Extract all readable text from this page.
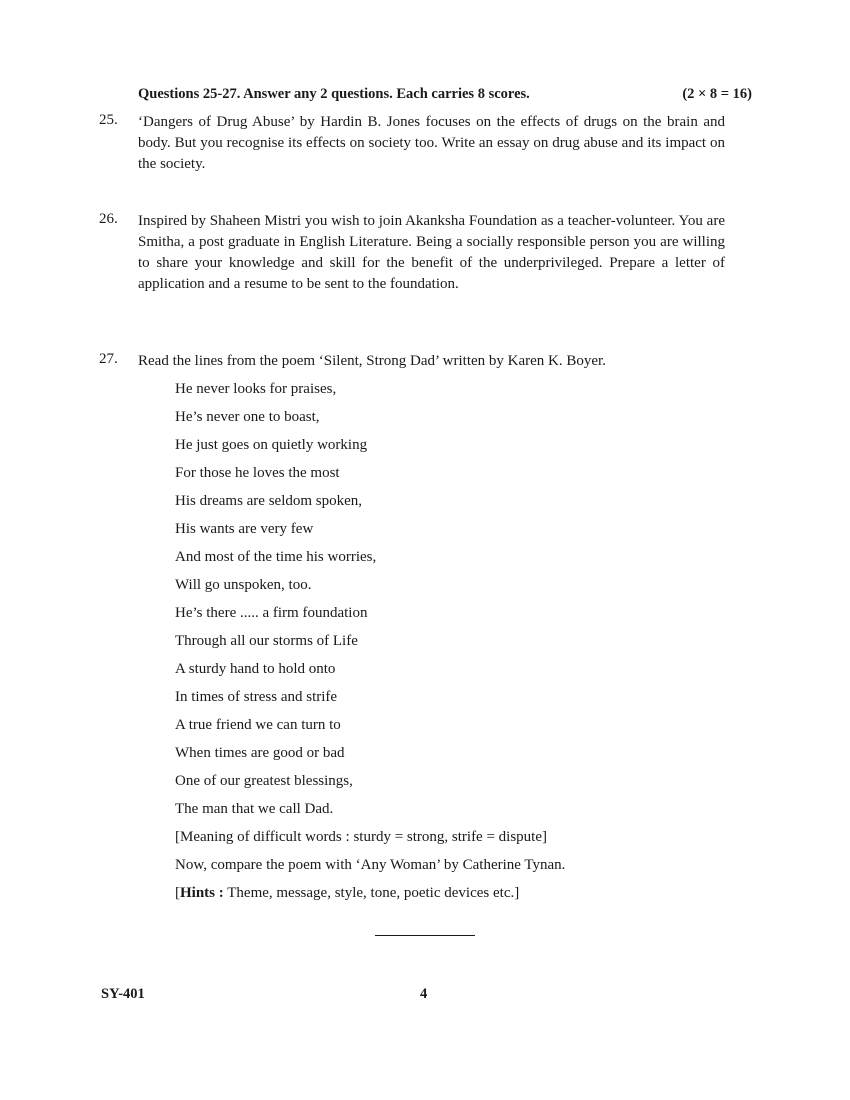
Questions 25-27. Answer any 2 questions. Each carries 8 scores.	(2 × 8 = 16)
25.	‘Dangers of Drug Abuse’ by Hardin B. Jones focuses on the effects of drugs on the brain and body. But you recognise its effects on society too. Write an essay on drug abuse and its impact on the society.
26.	Inspired by Shaheen Mistri you wish to join Akanksha Foundation as a teacher-volunteer. You are Smitha, a post graduate in English Literature. Being a socially responsible person you are willing to share your knowledge and skill for the benefit of the underprivileged. Prepare a letter of application and a resume to be sent to the foundation.
27.	Read the lines from the poem ‘Silent, Strong Dad’ written by Karen K. Boyer.
He never looks for praises,
He’s never one to boast,
He just goes on quietly working
For those he loves the most
His dreams are seldom spoken,
His wants are very few
And most of the time his worries,
Will go unspoken, too.
He’s there ..... a firm foundation
Through all our storms of Life
A sturdy hand to hold onto
In times of stress and strife
A true friend we can turn to
When times are good or bad
One of our greatest blessings,
The man that we call Dad.
[Meaning of difficult words : sturdy = strong, strife = dispute]
Now, compare the poem with ‘Any Woman’ by Catherine Tynan.
[Hints : Theme, message, style, tone, poetic devices etc.]
SY-401	4
